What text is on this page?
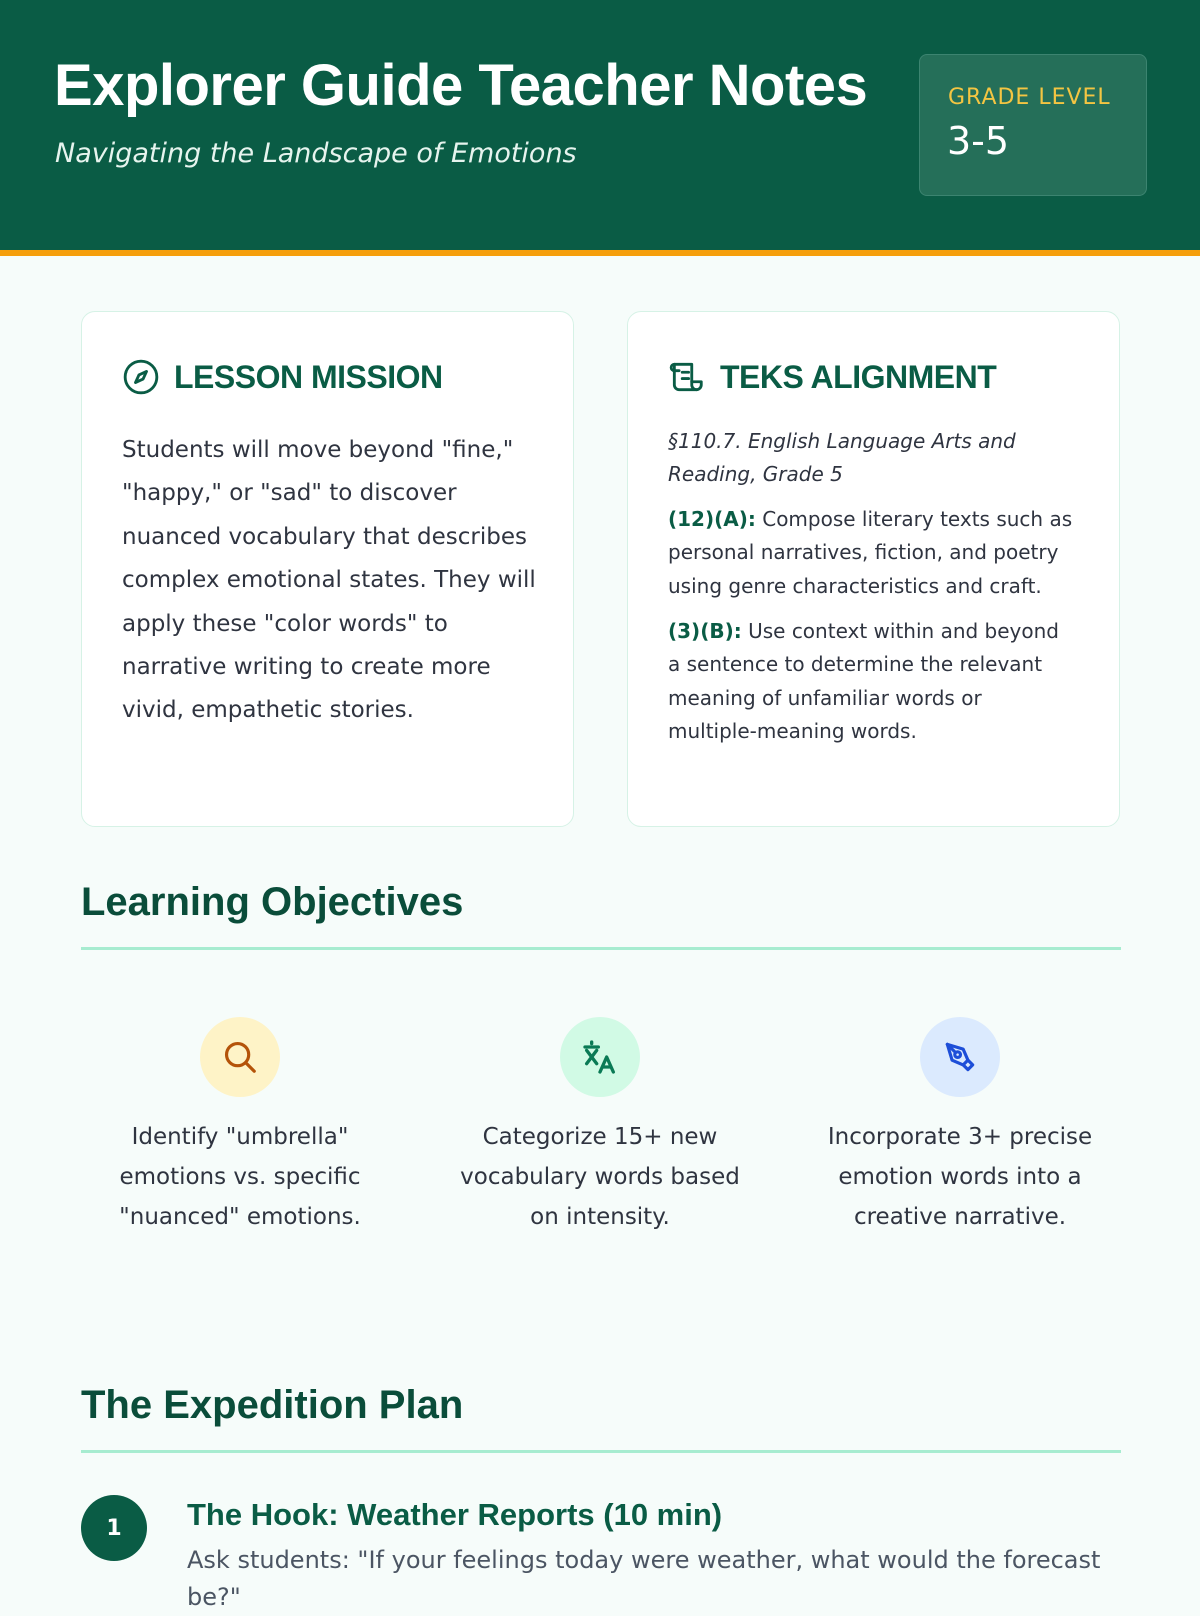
Explorer Guide Teacher Notes
Navigating the Landscape of Emotions
GRADE LEVEL
3-5
LESSON MISSION

Students will move beyond "fine," "happy," or "sad" to discover nuanced vocabulary that describes complex emotional states. They will apply these "color words" to narrative writing to create more vivid, empathetic stories.

TEKS ALIGNMENT

§110.7. English Language Arts and Reading, Grade 5

(12)(A): Compose literary texts such as personal narratives, fiction, and poetry using genre characteristics and craft.

(3)(B): Use context within and beyond a sentence to determine the relevant meaning of unfamiliar words or multiple-meaning words.

Learning Objectives

Identify "umbrella" emotions vs. specific "nuanced" emotions.

Categorize 15+ new vocabulary words based on intensity.

Incorporate 3+ precise emotion words into a creative narrative.

The Expedition Plan
1	The Hook: Weather Reports (10 min)

Ask students: "If your feelings today were weather, what would the forecast be?"
